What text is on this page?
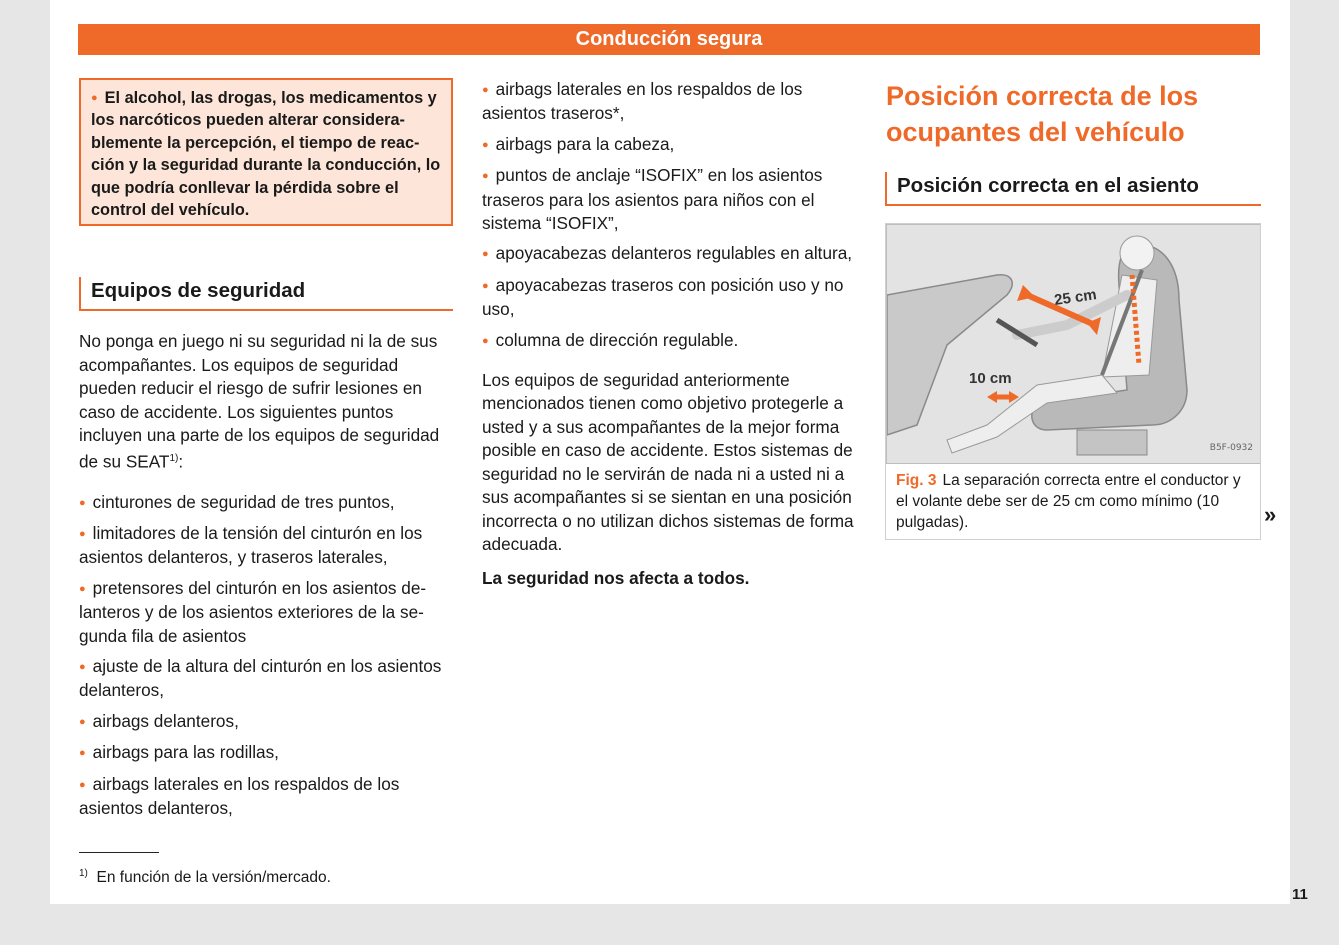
Conducción segura
● El alcohol, las drogas, los medicamentos y los narcóticos pueden alterar considerablemente la percepción, el tiempo de reacción y la seguridad durante la conducción, lo que podría conllevar la pérdida sobre el control del vehículo.
Equipos de seguridad

No ponga en juego ni su seguridad ni la de sus acompañantes. Los equipos de seguridad pueden reducir el riesgo de sufrir lesiones en caso de accidente. Los siguientes puntos incluyen una parte de los equipos de seguridad de su SEAT$^{1)}$:

● cinturones de seguridad de tres puntos,
● limitadores de la tensión del cinturón en los asientos delanteros, y traseros laterales,
● pretensores del cinturón en los asientos delanteros y de los asientos exteriores de la segunda fila de asientos
● ajuste de la altura del cinturón en los asientos delanteros,
● airbags delanteros,
● airbags para las rodillas,
● airbags laterales en los respaldos de los asientos delanteros,
● airbags laterales en los respaldos de los asientos traseros*,
● airbags para la cabeza,
● puntos de anclaje “ISOFIX” en los asientos traseros para los asientos para niños con el sistema “ISOFIX”,
● apoyacabezas delanteros regulables en altura,
● apoyacabezas traseros con posición uso y no uso,
● columna de dirección regulable.

Los equipos de seguridad anteriormente mencionados tienen como objetivo protegerle a usted y a sus acompañantes de la mejor forma posible en caso de accidente. Estos sistemas de seguridad no le servirán de nada ni a usted ni a sus acompañantes si se sientan en una posición incorrecta o no utilizan dichos sistemas de forma adecuada.

La seguridad nos afecta a todos.

Posición correcta de los ocupantes del vehículo
Posición correcta en el asiento
25 cm
10 cm
B5F-0932
Fig. 3 La separación correcta entre el conductor y el volante debe ser de 25 cm como mínimo (10 pulgadas).	»
$^{1)}$ En función de la versión/mercado.
11
